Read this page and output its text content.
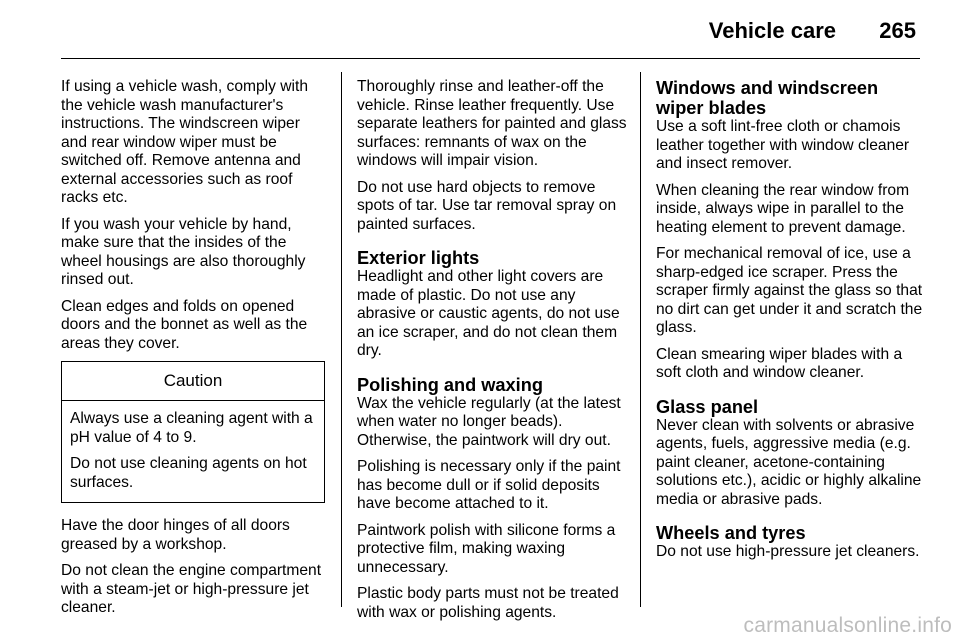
Vehicle care 265

If using a vehicle wash, comply with the vehicle wash manufacturer's instructions. The windscreen wiper and rear window wiper must be switched off. Remove antenna and external accessories such as roof racks etc.

If you wash your vehicle by hand, make sure that the insides of the wheel housings are also thoroughly rinsed out.

Clean edges and folds on opened doors and the bonnet as well as the areas they cover.

Caution

Always use a cleaning agent with a pH value of 4 to 9.

Do not use cleaning agents on hot surfaces.

Have the door hinges of all doors greased by a workshop.

Do not clean the engine compartment with a steam-jet or high-pressure jet cleaner.

Thoroughly rinse and leather-off the vehicle. Rinse leather frequently. Use separate leathers for painted and glass surfaces: remnants of wax on the windows will impair vision.

Do not use hard objects to remove spots of tar. Use tar removal spray on painted surfaces.

Exterior lights

Headlight and other light covers are made of plastic. Do not use any abrasive or caustic agents, do not use an ice scraper, and do not clean them dry.

Polishing and waxing

Wax the vehicle regularly (at the latest when water no longer beads). Otherwise, the paintwork will dry out.

Polishing is necessary only if the paint has become dull or if solid deposits have become attached to it.

Paintwork polish with silicone forms a protective film, making waxing unnecessary.

Plastic body parts must not be treated with wax or polishing agents.

Windows and windscreen wiper blades

Use a soft lint-free cloth or chamois leather together with window cleaner and insect remover.

When cleaning the rear window from inside, always wipe in parallel to the heating element to prevent damage.

For mechanical removal of ice, use a sharp-edged ice scraper. Press the scraper firmly against the glass so that no dirt can get under it and scratch the glass.

Clean smearing wiper blades with a soft cloth and window cleaner.

Glass panel

Never clean with solvents or abrasive agents, fuels, aggressive media (e.g. paint cleaner, acetone-containing solutions etc.), acidic or highly alkaline media or abrasive pads.

Wheels and tyres

Do not use high-pressure jet cleaners.

carmanualsonline.info
